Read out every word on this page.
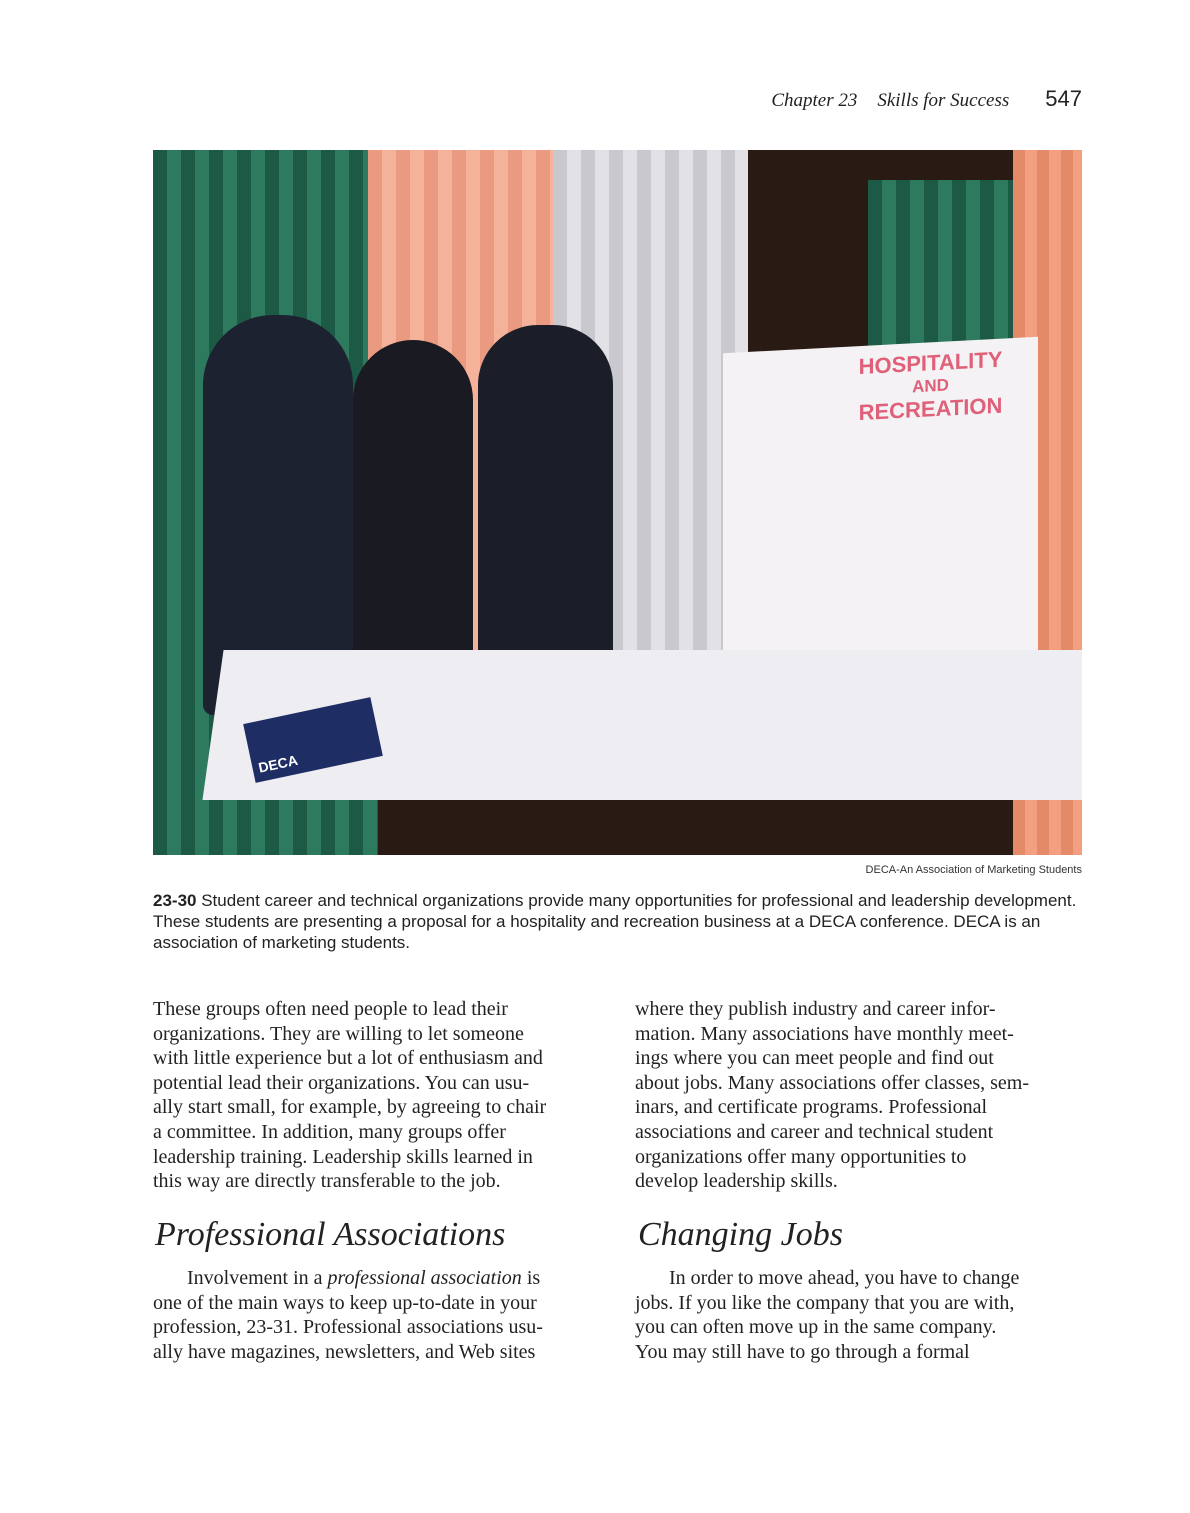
Chapter 23 Skills for Success 547
HOSPITALITY
AND
RECREATION
DECA
DECA-An Association of Marketing Students
23-30 Student career and technical organizations provide many opportunities for professional and leadership development. These students are presenting a proposal for a hospitality and recreation business at a DECA conference. DECA is an association of marketing students.
These groups often need people to lead their
organizations. They are willing to let someone
with little experience but a lot of enthusiasm and
potential lead their organizations. You can usu-
ally start small, for example, by agreeing to chair
a committee. In addition, many groups offer
leadership training. Leadership skills learned in
this way are directly transferable to the job.
where they publish industry and career infor-
mation. Many associations have monthly meet-
ings where you can meet people and find out
about jobs. Many associations offer classes, sem-
inars, and certificate programs. Professional
associations and career and technical student
organizations offer many opportunities to
develop leadership skills.
Professional Associations	Changing Jobs
Involvement in a professional association is
one of the main ways to keep up-to-date in your
profession, 23-31. Professional associations usu-
ally have magazines, newsletters, and Web sites
In order to move ahead, you have to change
jobs. If you like the company that you are with,
you can often move up in the same company.
You may still have to go through a formal
